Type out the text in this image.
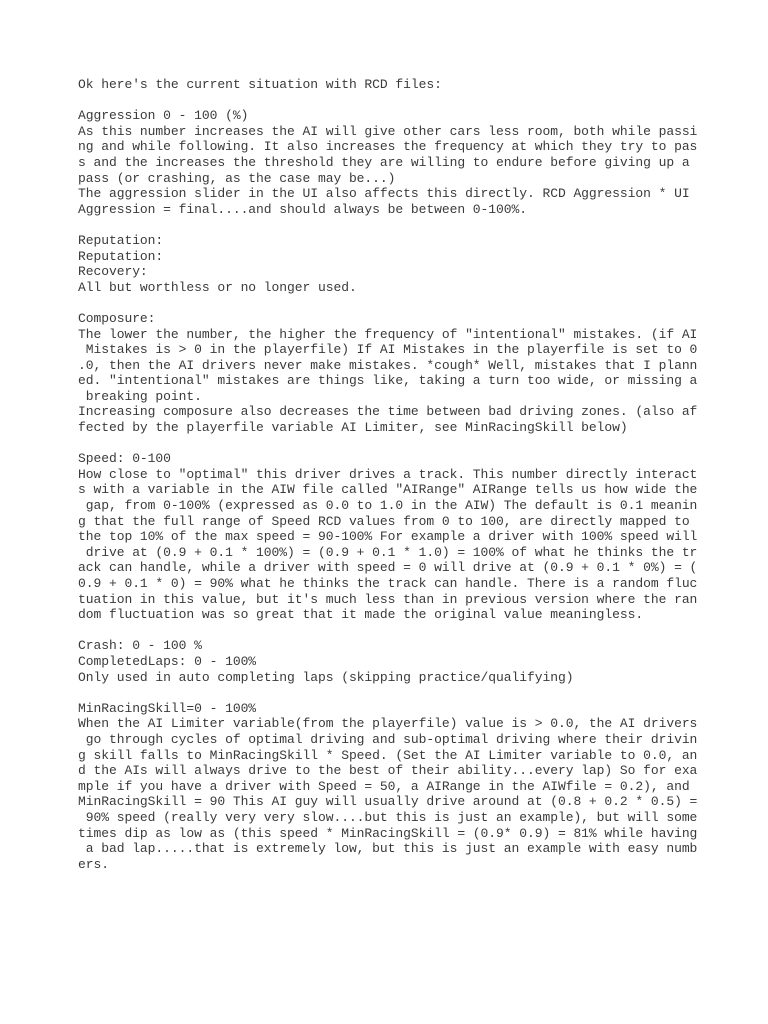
Ok here's the current situation with RCD files:
Aggression 0 - 100 (%)
As this number increases the AI will give other cars less room, both while passi
ng and while following. It also increases the frequency at which they try to pas
s and the increases the threshold they are willing to endure before giving up a
pass (or crashing, as the case may be...)
The aggression slider in the UI also affects this directly. RCD Aggression * UI
Aggression = final....and should always be between 0-100%.
Reputation:
Reputation:
Recovery:
All but worthless or no longer used.
Composure:
The lower the number, the higher the frequency of "intentional" mistakes. (if AI
Mistakes is > 0 in the playerfile) If AI Mistakes in the playerfile is set to 0
.0, then the AI drivers never make mistakes. *cough* Well, mistakes that I plann
ed. "intentional" mistakes are things like, taking a turn too wide, or missing a
breaking point.
Increasing composure also decreases the time between bad driving zones. (also af
fected by the playerfile variable AI Limiter, see MinRacingSkill below)
Speed: 0-100
How close to "optimal" this driver drives a track. This number directly interact
s with a variable in the AIW file called "AIRange" AIRange tells us how wide the
gap, from 0-100% (expressed as 0.0 to 1.0 in the AIW) The default is 0.1 meanin
g that the full range of Speed RCD values from 0 to 100, are directly mapped to
the top 10% of the max speed = 90-100% For example a driver with 100% speed will
drive at (0.9 + 0.1 * 100%) = (0.9 + 0.1 * 1.0) = 100% of what he thinks the tr
ack can handle, while a driver with speed = 0 will drive at (0.9 + 0.1 * 0%) = (
0.9 + 0.1 * 0) = 90% what he thinks the track can handle. There is a random fluc
tuation in this value, but it's much less than in previous version where the ran
dom fluctuation was so great that it made the original value meaningless.
Crash: 0 - 100 %
CompletedLaps: 0 - 100%
Only used in auto completing laps (skipping practice/qualifying)
MinRacingSkill=0 - 100%
When the AI Limiter variable(from the playerfile) value is > 0.0, the AI drivers
go through cycles of optimal driving and sub-optimal driving where their drivin
g skill falls to MinRacingSkill * Speed. (Set the AI Limiter variable to 0.0, an
d the AIs will always drive to the best of their ability...every lap) So for exa
mple if you have a driver with Speed = 50, a AIRange in the AIWfile = 0.2), and
MinRacingSkill = 90 This AI guy will usually drive around at (0.8 + 0.2 * 0.5) =
90% speed (really very very slow....but this is just an example), but will some
times dip as low as (this speed * MinRacingSkill = (0.9* 0.9) = 81% while having
a bad lap.....that is extremely low, but this is just an example with easy numb
ers.
